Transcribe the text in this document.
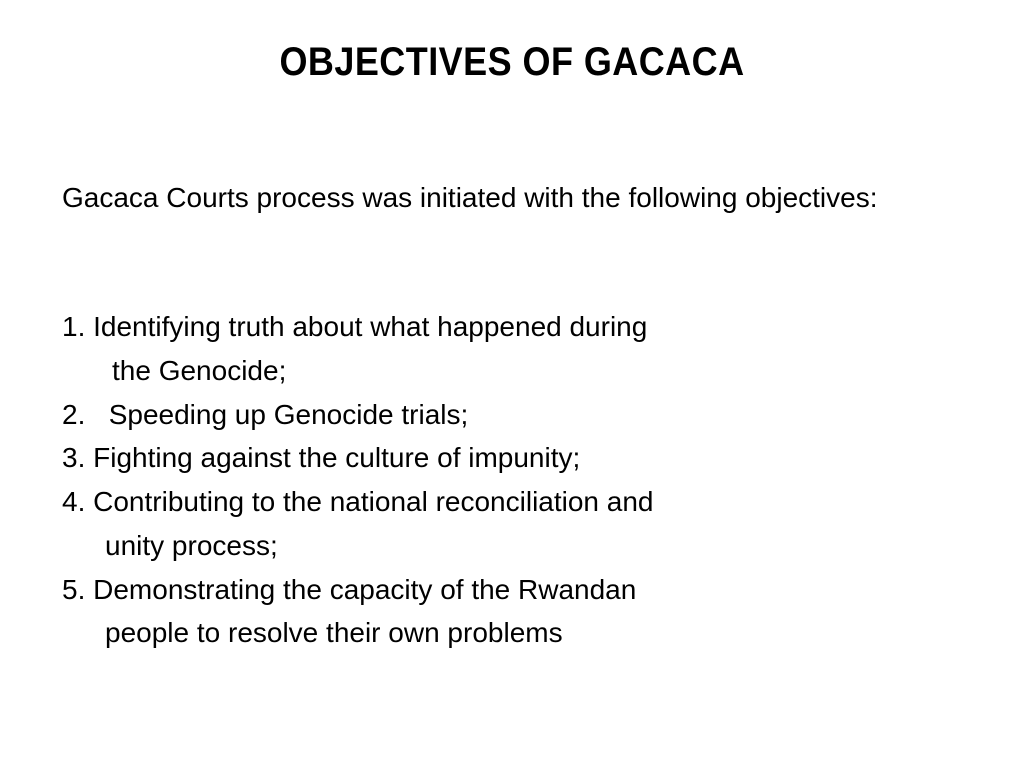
OBJECTIVES OF GACACA

Gacaca Courts process was initiated with the following objectives:

1. Identifying truth about what happened during
the Genocide;
2.   Speeding up Genocide trials;
3. Fighting against the culture of impunity;
4. Contributing to the national reconciliation and
unity process;
5. Demonstrating the capacity of the Rwandan
people to resolve their own problems
